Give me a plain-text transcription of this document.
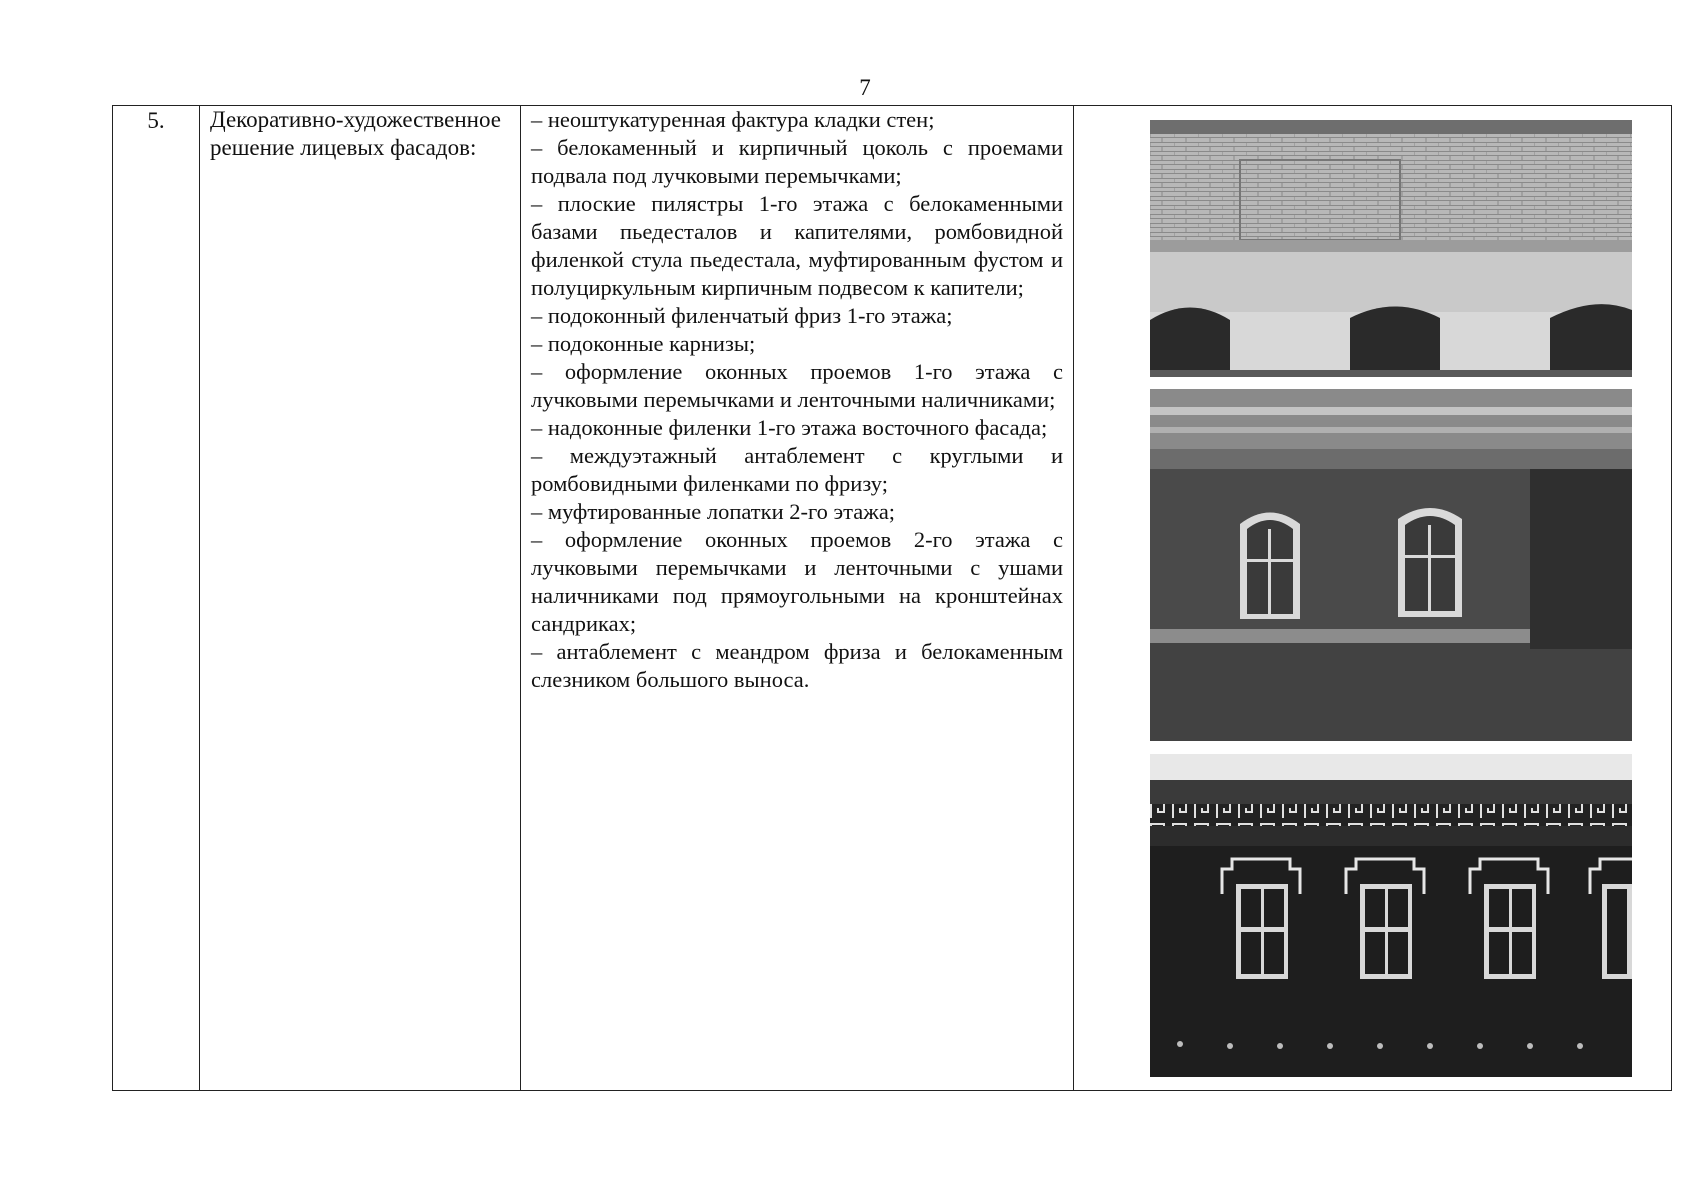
7
5.	Декоративно-художественное решение лицевых фасадов:	

– неоштукатуренная фактура кладки стен;

– белокаменный и кирпичный цоколь с проемами подвала под лучковыми перемычками;

– плоские пилястры 1-го этажа с белокаменными базами пьедесталов и капителями, ромбовидной филенкой стула пьедестала, муфтированным фустом и полуциркульным кирпичным подвесом к капители;

– подоконный филенчатый фриз 1-го этажа;

– подоконные карнизы;

– оформление оконных проемов 1-го этажа с лучковыми перемычками и ленточными наличниками;

– надоконные филенки 1-го этажа восточного фасада;

– междуэтажный антаблемент с круглыми и ромбовидными филенками по фризу;

– муфтированные лопатки 2-го этажа;

– оформление оконных проемов 2-го этажа с лучковыми перемычками и ленточными с ушами наличниками под прямоугольными на кронштейнах сандриках;

– антаблемент с меандром фриза и белокаменным слезником большого выноса.
